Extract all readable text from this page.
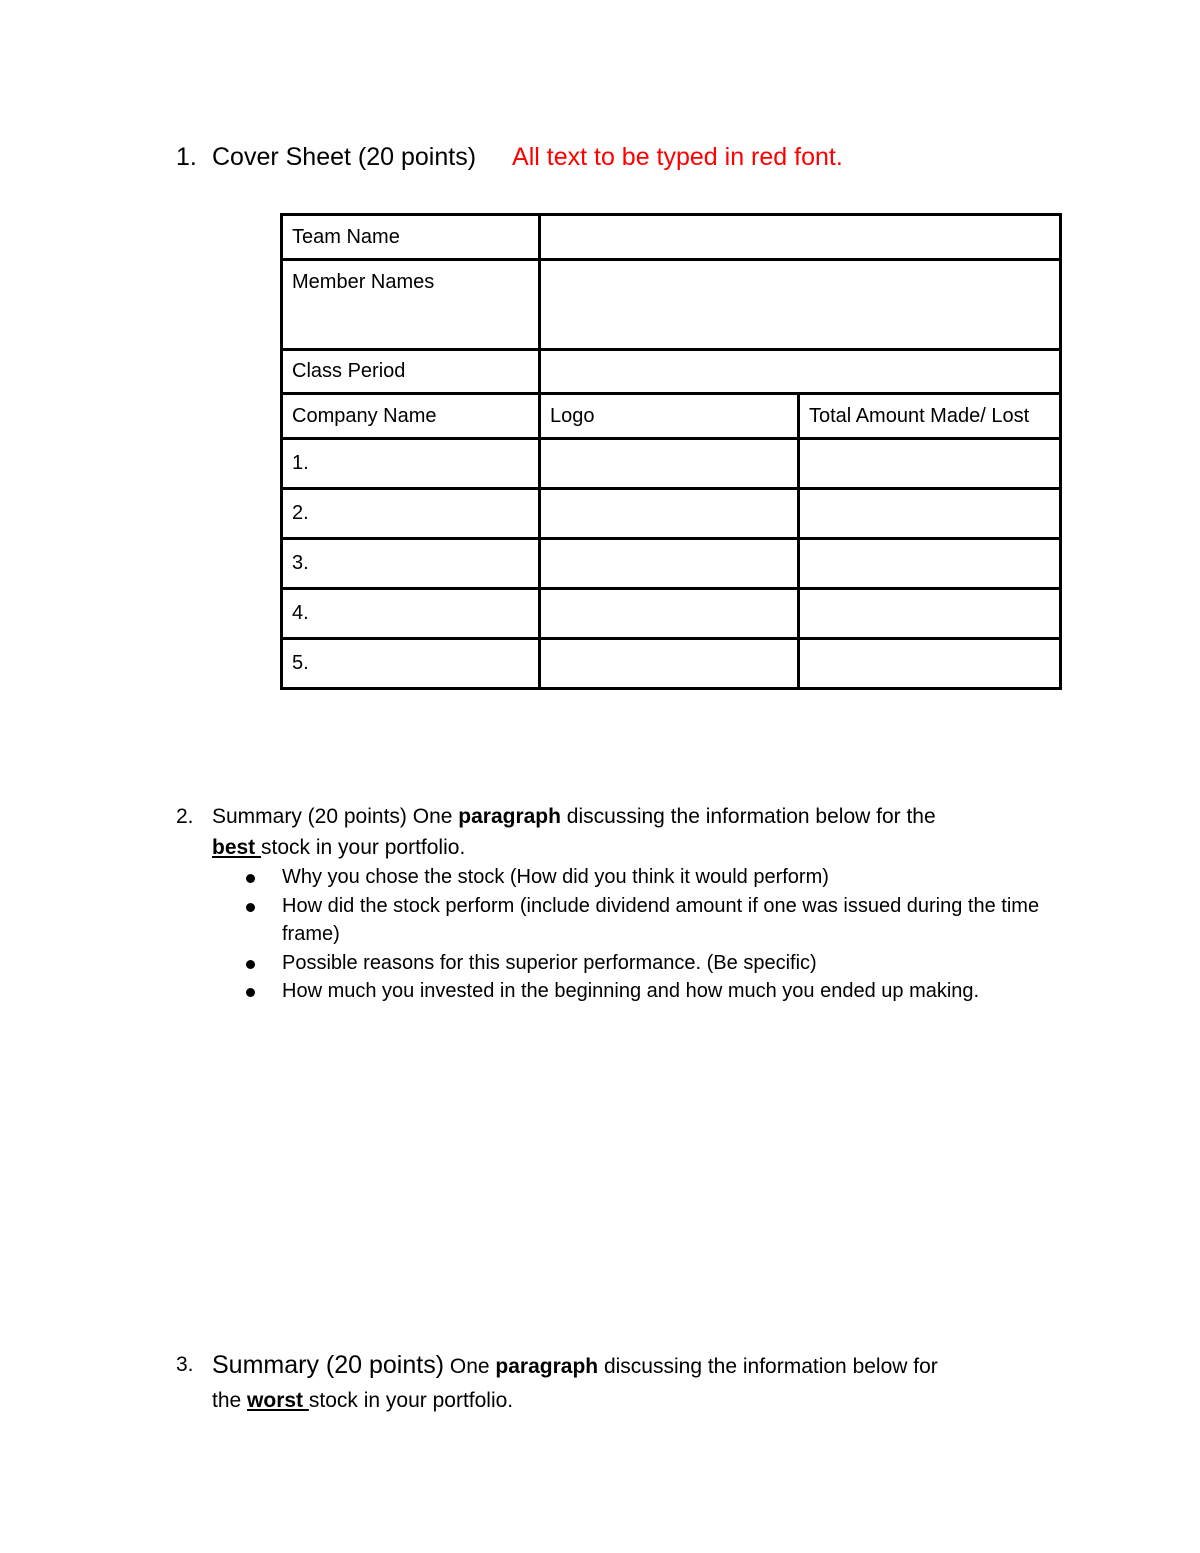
1. Cover Sheet (20 points) All text to be typed in red font.
Team Name		
Member Names		
Class Period		
Company Name	Logo	Total Amount Made/ Lost
1.		
2.		
3.		
4.		
5.		
2. Summary (20 points) One paragraph discussing the information below for the
best stock in your portfolio.
Why you chose the stock (How did you think it would perform)
How did the stock perform (include dividend amount if one was issued during the time frame)
Possible reasons for this superior performance. (Be specific)
How much you invested in the beginning and how much you ended up making.
3. Summary (20 points) One paragraph discussing the information below for
the worst stock in your portfolio.
